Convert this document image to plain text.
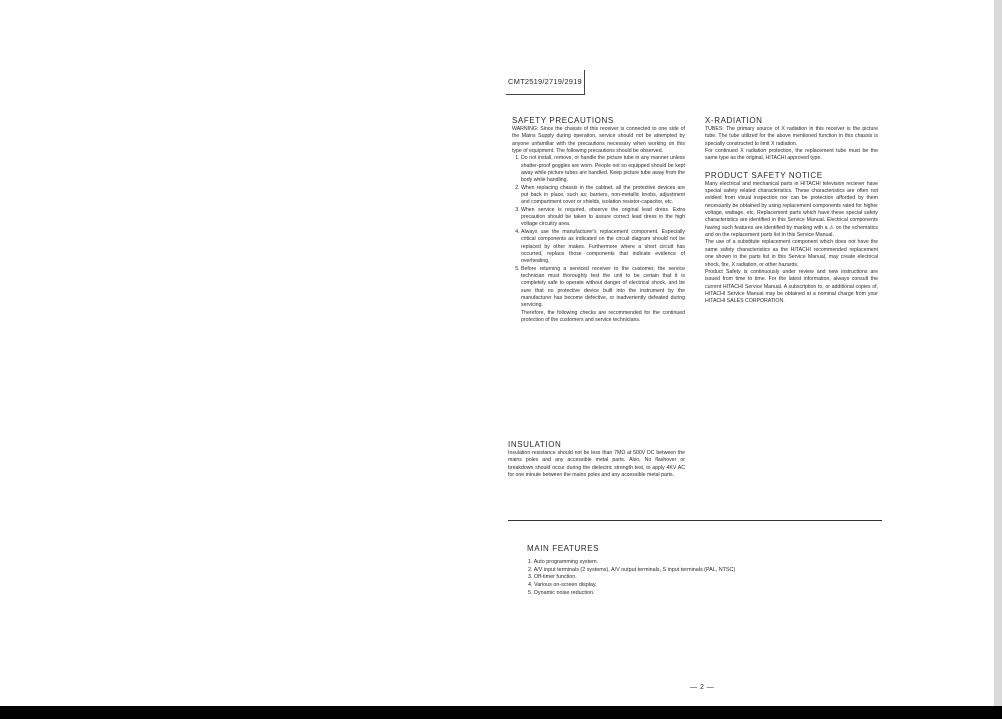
CMT2519/2719/2919
SAFETY PRECAUTIONS

WARNING: Since the chassis of this receiver is connected to one side of the Mains Supply during operation, service should not be attempted by anyone unfamiliar with the precautions necessary when working on this type of equipment. The following precautions should be observed.

1. Do not install, remove, or handle the picture tube in any manner unless shatter-proof goggles are worn. People not so equipped should be kept away while picture tubes are handled. Keep picture tube away from the body while handling.
2. When replacing chassis in the cabinet, all the protective devices are put back in place, such as; barriers, non-metallic knobs, adjustment and compartment cover or shields, isolation resistor-capacitor, etc.
3. When service is required, observe the original lead dress. Extra precaution should be taken to assure correct lead dress in the high voltage circuitry area.
4. Always use the manufacturer's replacement component. Especially critical components as indicated on the circuit diagram should not be replaced by other makes. Furthermore where a short circuit has occurred, replace those components that indicate evidence of overheating.
5. Before returning a serviced receiver to the customer, the service technician must thoroughly test the unit to be certain that it is completely safe to operate without danger of electrical shock, and be sure that no protective device built into the instrument by the manufacturer has become defective, or inadvertently defeated during servicing.

Therefore, the following checks are recommended for the continued protection of the customers and service technicians.

INSULATION

Insulation resistance should not be less than 7MΩ at 500V DC between the mains poles and any accessible metal parts. Also, No flashover or breakdown should occur during the dielectric strength test, to apply 4KV AC for one minute between the mains poles and any accessible metal parts.

X-RADIATION

TUBES: The primary source of X radiation in this receiver is the picture tube. The tube utilized for the above mentioned function in this chassis is specially constructed to limit X radiation.

For continued X radiation protection, the replacement tube must be the same type as the original, HITACHI approved type.

PRODUCT SAFETY NOTICE

Many electrical and mechanical parts in HITACHI television reciever have special safety related characteristics. These characteristics are often not evident from visual inspection nor can be protection afforded by them necessarily be obtained by using replacement components rated for higher voltage, wattage, etc. Replacement parts which have these special safety characteristics are identified in this Service Manual. Electrical components having such features are identified by marking with a ⚠ on the schematics and on the replacement parts list in this Service Manual.

The use of a substitute replacement component which does not have the same safety characteristics as the HITACHI recommended replacement one shown in the parts list in this Service Manual, may create electrical shock, fire, X radiation, or other hazards.

Product Safety is continuously under review and new instructions are issued from time to time. For the latest information, always consult the current HITACHI Service Manual. A subscription to, or additional copies of, HITACHI Service Manual may be obtained at a nominal charge from your HITACHI SALES CORPORATION.

MAIN FEATURES
1. Auto programming system.
2. A/V input terminals (2 systems), A/V output terminals, S input terminals (PAL, NTSC)
3. Off-timer function.
4. Various on-screen display.
5. Dynamic noise reduction.
— 2 —
